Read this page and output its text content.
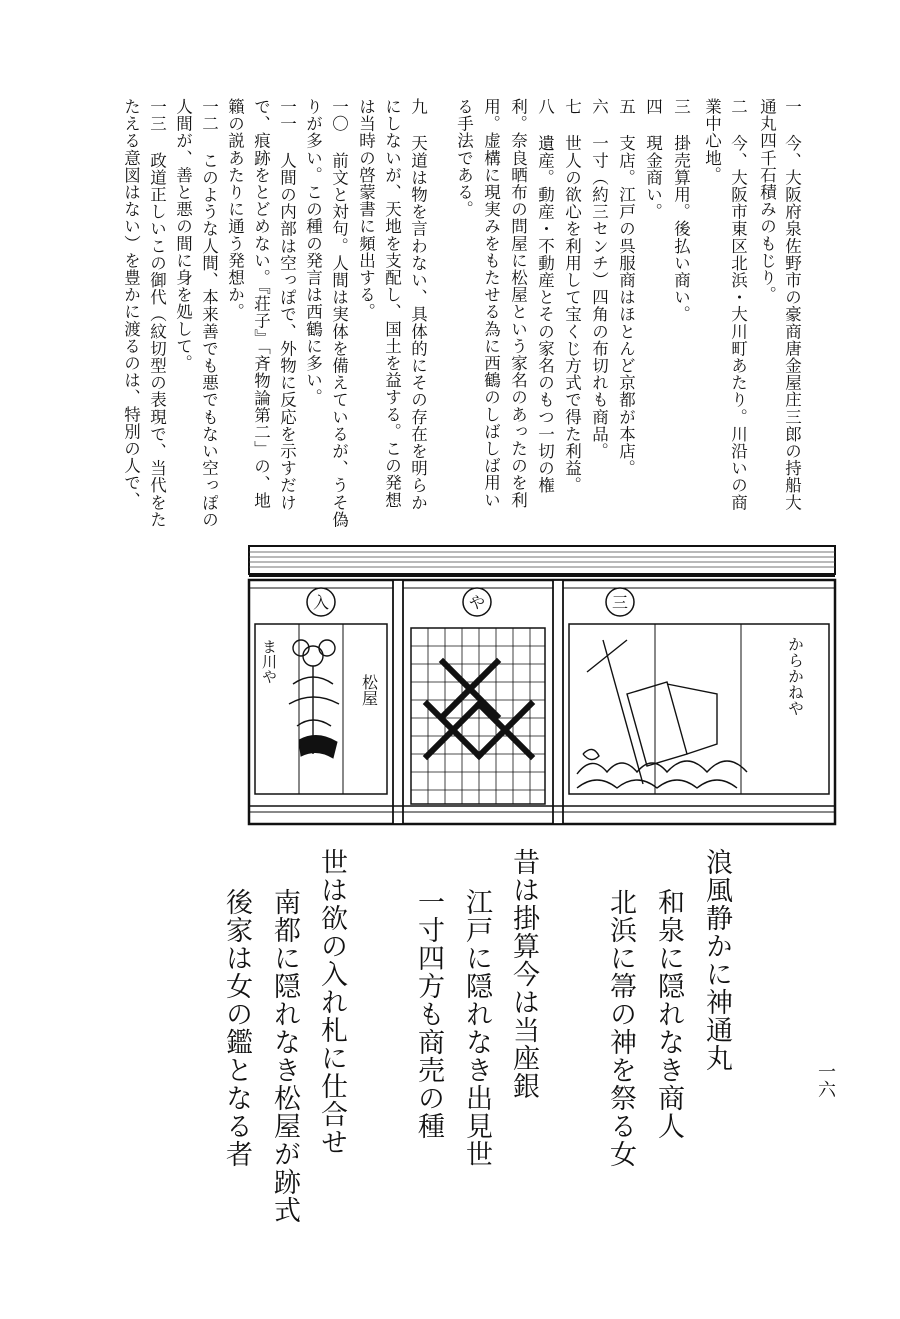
一 今、大阪府泉佐野市の豪商唐金屋庄三郎の持船大
通丸四千石積みのもじり。
二 今、大阪市東区北浜・大川町あたり。川沿いの商
業中心地。
三 掛売算用。後払い商い。
四 現金商い。
五 支店。江戸の呉服商はほとんど京都が本店。
六 一寸（約三センチ）四角の布切れも商品。
七 世人の欲心を利用して宝くじ方式で得た利益。
八 遺産。動産・不動産とその家名のもつ一切の権
利。奈良晒布の問屋に松屋という家名のあったのを利
用。虚構に現実みをもたせる為に西鶴のしばしば用い
る手法である。
九 天道は物を言わない、具体的にその存在を明らか
にしないが、天地を支配し、国土を益する。この発想
は当時の啓蒙書に頻出する。
一〇 前文と対句。人間は実体を備えているが、うそ偽
りが多い。この種の発言は西鶴に多い。
一一 人間の内部は空っぽで、外物に反応を示すだけ
で、痕跡をとどめない。『荘子』「斉物論第二」の、地
籟の説あたりに通う発想か。
一二 このような人間、本来善でも悪でもない空っぽの
人間が、善と悪の間に身を処して。
一三 政道正しいこの御代（紋切型の表現で、当代をた
たえる意図はない）を豊かに渡るのは、特別の人で、
入	や	三
ま川や
松屋	からかねや
浪風静かに神通丸
和泉に隠れなき商人
北浜に箒の神を祭る女
昔は掛算今は当座銀
江戸に隠れなき出見世
一寸四方も商売の種
世は欲の入れ札に仕合せ
南都に隠れなき松屋が跡式
後家は女の鑑となる者	一六
